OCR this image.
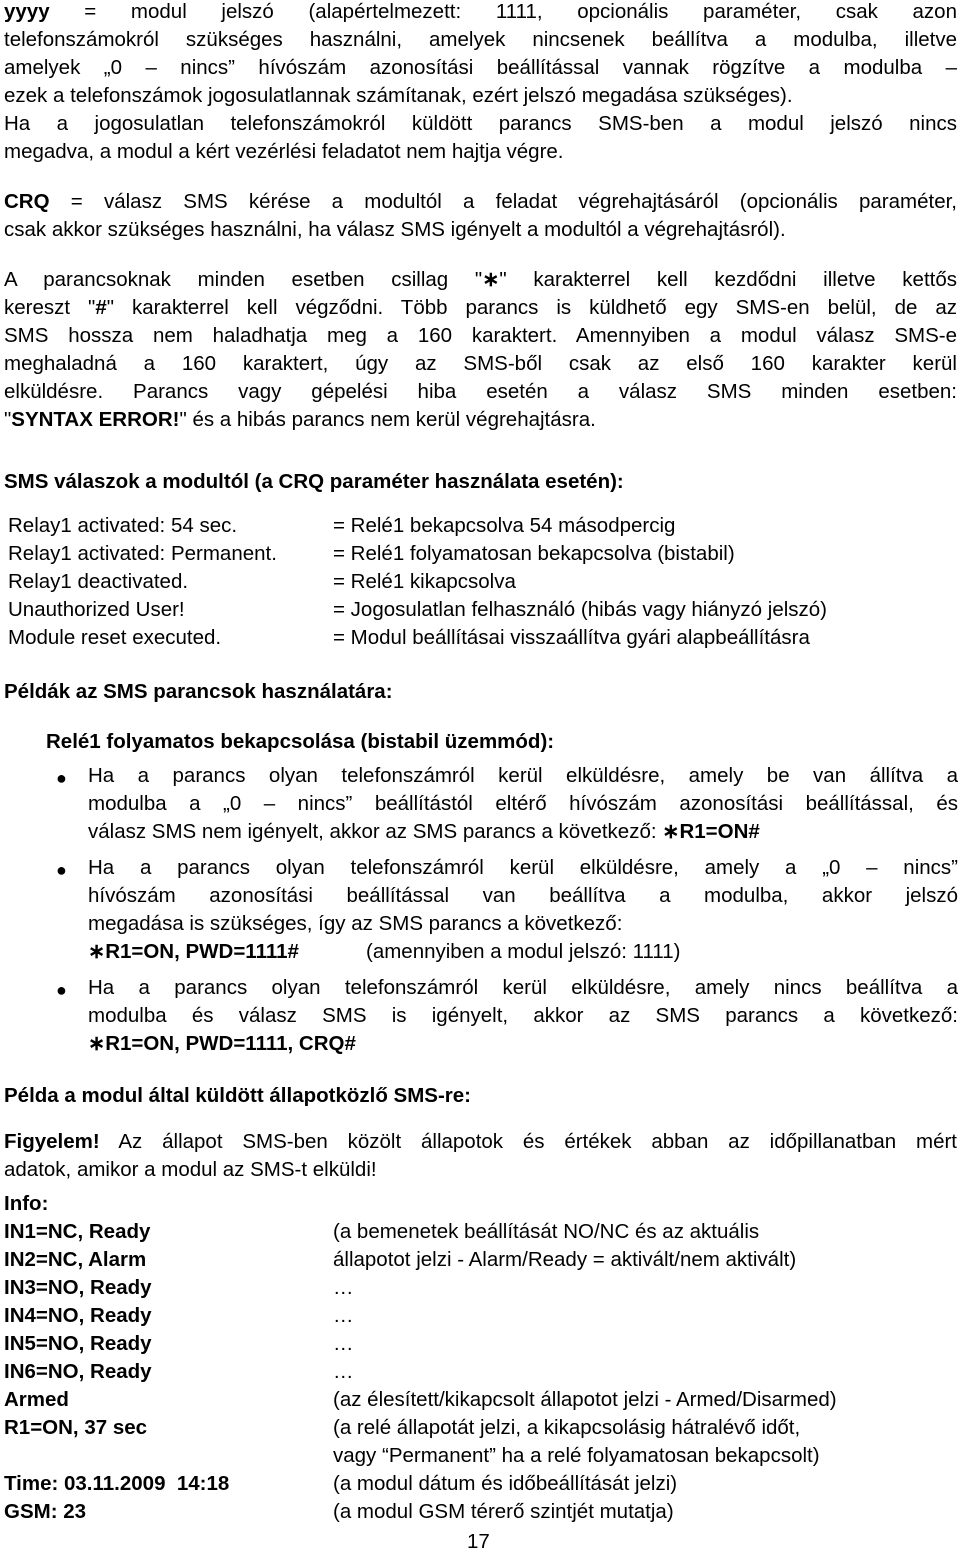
yyyy = modul jelszó (alapértelmezett: 1111, opcionális paraméter, csak azon
telefonszámokról szükséges használni, amelyek nincsenek beállítva a modulba, illetve
amelyek „0 – nincs” hívószám azonosítási beállítással vannak rögzítve a modulba –
ezek a telefonszámok jogosulatlannak számítanak, ezért jelszó megadása szükséges).
Ha a jogosulatlan telefonszámokról küldött parancs SMS-ben a modul jelszó nincs
megadva, a modul a kért vezérlési feladatot nem hajtja végre.
CRQ = válasz SMS kérése a modultól a feladat végrehajtásáról (opcionális paraméter,
csak akkor szükséges használni, ha válasz SMS igényelt a modultól a végrehajtásról).
A parancsoknak minden esetben csillag "∗" karakterrel kell kezdődni illetve kettős
kereszt "#" karakterrel kell végződni. Több parancs is küldhető egy SMS-en belül, de az
SMS hossza nem haladhatja meg a 160 karaktert. Amennyiben a modul válasz SMS-e
meghaladná a 160 karaktert, úgy az SMS-ből csak az első 160 karakter kerül
elküldésre. Parancs vagy gépelési hiba esetén a válasz SMS minden esetben:
"SYNTAX ERROR!" és a hibás parancs nem kerül végrehajtásra.
SMS válaszok a modultól (a CRQ paraméter használata esetén):
Relay1 activated: 54 sec.	= Relé1 bekapcsolva 54 másodpercig
Relay1 activated: Permanent.	= Relé1 folyamatosan bekapcsolva (bistabil)
Relay1 deactivated.	= Relé1 kikapcsolva
Unauthorized User!	= Jogosulatlan felhasználó (hibás vagy hiányzó jelszó)
Module reset executed.	= Modul beállításai visszaállítva gyári alapbeállításra
Példák az SMS parancsok használatára:
Relé1 folyamatos bekapcsolása (bistabil üzemmód):
● Ha a parancs olyan telefonszámról kerül elküldésre, amely be van állítva a
modulba a „0 – nincs” beállítástól eltérő hívószám azonosítási beállítással, és
válasz SMS nem igényelt, akkor az SMS parancs a következő: ∗R1=ON#
● Ha a parancs olyan telefonszámról kerül elküldésre, amely a „0 – nincs”
hívószám azonosítási beállítással van beállítva a modulba, akkor jelszó
megadása is szükséges, így az SMS parancs a következő:
∗R1=ON, PWD=1111#	(amennyiben a modul jelszó: 1111)
● Ha a parancs olyan telefonszámról kerül elküldésre, amely nincs beállítva a
modulba és válasz SMS is igényelt, akkor az SMS parancs a következő:
∗R1=ON, PWD=1111, CRQ#
Példa a modul által küldött állapotközlő SMS-re:
Figyelem! Az állapot SMS-ben közölt állapotok és értékek abban az időpillanatban mért
adatok, amikor a modul az SMS-t elküldi!
Info:
IN1=NC, Ready	(a bemenetek beállítását NO/NC és az aktuális
IN2=NC, Alarm	állapotot jelzi - Alarm/Ready = aktivált/nem aktivált)
IN3=NO, Ready	…
IN4=NO, Ready	…
IN5=NO, Ready	…
IN6=NO, Ready	…
Armed	(az élesített/kikapcsolt állapotot jelzi - Armed/Disarmed)
R1=ON, 37 sec	(a relé állapotát jelzi, a kikapcsolásig hátralévő időt,
vagy “Permanent” ha a relé folyamatosan bekapcsolt)
Time: 03.11.2009  14:18	(a modul dátum és időbeállítását jelzi)
GSM: 23	(a modul GSM térerő szintjét mutatja)
17
